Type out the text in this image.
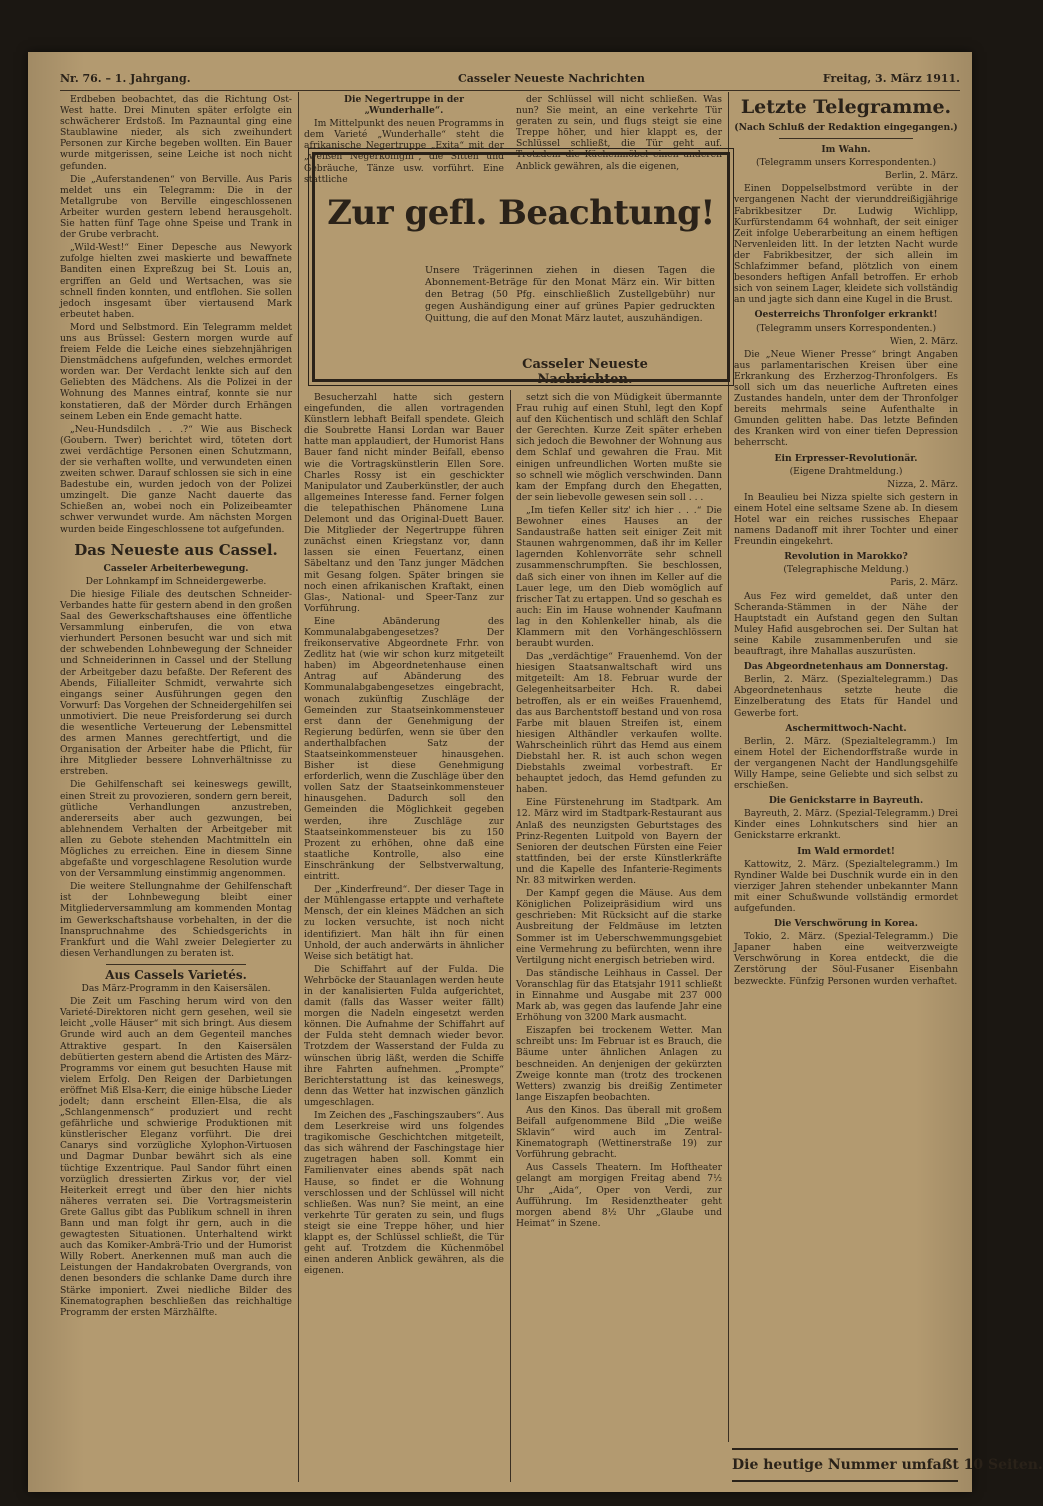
Nr. 76. – 1. Jahrgang.	Casseler Neueste Nachrichten	Freitag, 3. März 1911.

Erdbeben beobachtet, das die Richtung Ost-West hatte. Drei Minuten später erfolgte ein schwächerer Erdstoß. Im Paznauntal ging eine Staublawine nieder, als sich zweihundert Personen zur Kirche begeben wollten. Ein Bauer wurde mitgerissen, seine Leiche ist noch nicht gefunden.

Die „Auferstandenen“ von Berville. Aus Paris meldet uns ein Telegramm: Die in der Metallgrube von Berville eingeschlossenen Arbeiter wurden gestern lebend herausgeholt. Sie hatten fünf Tage ohne Speise und Trank in der Grube verbracht.

„Wild-West!“ Einer Depesche aus Newyork zufolge hielten zwei maskierte und bewaffnete Banditen einen Expreßzug bei St. Louis an, ergriffen an Geld und Wertsachen, was sie schnell finden konnten, und entflohen. Sie sollen jedoch insgesamt über viertausend Mark erbeutet haben.

Mord und Selbstmord. Ein Telegramm meldet uns aus Brüssel: Gestern morgen wurde auf freiem Felde die Leiche eines siebzehnjährigen Dienstmädchens aufgefunden, welches ermordet worden war. Der Verdacht lenkte sich auf den Geliebten des Mädchens. Als die Polizei in der Wohnung des Mannes eintraf, konnte sie nur konstatieren, daß der Mörder durch Erhängen seinem Leben ein Ende gemacht hatte.

„Neu-Hundsdilch . . .?“ Wie aus Bischeck (Goubern. Twer) berichtet wird, töteten dort zwei verdächtige Personen einen Schutzmann, der sie verhaften wollte, und verwundeten einen zweiten schwer. Darauf schlossen sie sich in eine Badestube ein, wurden jedoch von der Polizei umzingelt. Die ganze Nacht dauerte das Schießen an, wobei noch ein Polizeibeamter schwer verwundet wurde. Am nächsten Morgen wurden beide Eingeschlossene tot aufgefunden.

Das Neueste aus Cassel.
Casseler Arbeiterbewegung.
Der Lohnkampf im Schneidergewerbe.

Die hiesige Filiale des deutschen Schneider-Verbandes hatte für gestern abend in den großen Saal des Gewerkschaftshauses eine öffentliche Versammlung einberufen, die von etwa vierhundert Personen besucht war und sich mit der schwebenden Lohnbewegung der Schneider und Schneiderinnen in Cassel und der Stellung der Arbeitgeber dazu befaßte. Der Referent des Abends, Filialleiter Schmidt, verwahrte sich eingangs seiner Ausführungen gegen den Vorwurf: Das Vorgehen der Schneidergehilfen sei unmotiviert. Die neue Preisforderung sei durch die wesentliche Verteuerung der Lebensmittel des armen Mannes gerechtfertigt, und die Organisation der Arbeiter habe die Pflicht, für ihre Mitglieder bessere Lohnverhältnisse zu erstreben.

Die Gehilfenschaft sei keineswegs gewillt, einen Streit zu provozieren, sondern gern bereit, gütliche Verhandlungen anzustreben, andererseits aber auch gezwungen, bei ablehnendem Verhalten der Arbeitgeber mit allen zu Gebote stehenden Machtmitteln ein Mögliches zu erreichen. Eine in diesem Sinne abgefaßte und vorgeschlagene Resolution wurde von der Versammlung einstimmig angenommen.

Die weitere Stellungnahme der Gehilfenschaft ist der Lohnbewegung bleibt einer Mitgliederversammlung am kommenden Montag im Gewerkschaftshause vorbehalten, in der die Inanspruchnahme des Schiedsgerichts in Frankfurt und die Wahl zweier Delegierter zu diesen Verhandlungen zu beraten ist.

Aus Cassels Varietés.
Das März-Programm in den Kaisersälen.

Die Zeit um Fasching herum wird von den Varieté-Direktoren nicht gern gesehen, weil sie leicht „volle Häuser“ mit sich bringt. Aus diesem Grunde wird auch an dem Gegenteil manches Attraktive gespart. In den Kaisersälen debütierten gestern abend die Artisten des März-Programms vor einem gut besuchten Hause mit vielem Erfolg. Den Reigen der Darbietungen eröffnet Miß Elsa-Kerr, die einige hübsche Lieder jodelt; dann erscheint Ellen-Elsa, die als „Schlangenmensch“ produziert und recht gefährliche und schwierige Produktionen mit künstlerischer Eleganz vorführt. Die drei Canarys sind vorzügliche Xylophon-Virtuosen und Dagmar Dunbar bewährt sich als eine tüchtige Exzentrique. Paul Sandor führt einen vorzüglich dressierten Zirkus vor, der viel Heiterkeit erregt und über den hier nichts näheres verraten sei. Die Vortragsmeisterin Grete Gallus gibt das Publikum schnell in ihren Bann und man folgt ihr gern, auch in die gewagtesten Situationen. Unterhaltend wirkt auch das Komiker-Ambrä-Trio und der Humorist Willy Robert. Anerkennen muß man auch die Leistungen der Handakrobaten Overgrands, von denen besonders die schlanke Dame durch ihre Stärke imponiert. Zwei niedliche Bilder des Kinematographen beschließen das reichhaltige Programm der ersten Märzhälfte.

Die Negertruppe in der „Wunderhalle“.

Im Mittelpunkt des neuen Programms in dem Varieté „Wunderhalle“ steht die afrikanische Negertruppe „Exita“ mit der „weißen Negerkönigin“, die Sitten und Gebräuche, Tänze usw. vorführt. Eine stattliche

der Schlüssel will nicht schließen. Was nun? Sie meint, an eine verkehrte Tür geraten zu sein, und flugs steigt sie eine Treppe höher, und hier klappt es, der Schlüssel schließt, die Tür geht auf. Trotzdem die Küchenmöbel einen anderen Anblick gewähren, als die eigenen,

Zur gefl. Beachtung!
Unsere Trägerinnen ziehen in diesen Tagen die Abonnement-Beträge für den Monat März ein. Wir bitten den Betrag (50 Pfg. einschließlich Zustellgebühr) nur gegen Aushändigung einer auf grünes Papier gedruckten Quittung, die auf den Monat März lautet, auszuhändigen.
Casseler Neueste Nachrichten.

Besucherzahl hatte sich gestern eingefunden, die allen vortragenden Künstlern lebhaft Beifall spendete. Gleich die Soubrette Hansi Lordan war Bauer hatte man applaudiert, der Humorist Hans Bauer fand nicht minder Beifall, ebenso wie die Vortragskünstlerin Ellen Sore. Charles Rossy ist ein geschickter Manipulator und Zauberkünstler, der auch allgemeines Interesse fand. Ferner folgen die telepathischen Phänomene Luna Delemont und das Original-Duett Bauer. Die Mitglieder der Negertruppe führen zunächst einen Kriegstanz vor, dann lassen sie einen Feuertanz, einen Säbeltanz und den Tanz junger Mädchen mit Gesang folgen. Später bringen sie noch einen afrikanischen Kraftakt, einen Glas-, National- und Speer-Tanz zur Vorführung.

Eine Abänderung des Kommunalabgabengesetzes? Der freikonservative Abgeordnete Frhr. von Zedlitz hat (wie wir schon kurz mitgeteilt haben) im Abgeordnetenhause einen Antrag auf Abänderung des Kommunalabgabengesetzes eingebracht, wonach zukünftig Zuschläge der Gemeinden zur Staatseinkommensteuer erst dann der Genehmigung der Regierung bedürfen, wenn sie über den anderthalbfachen Satz der Staatseinkommensteuer hinausgehen. Bisher ist diese Genehmigung erforderlich, wenn die Zuschläge über den vollen Satz der Staatseinkommensteuer hinausgehen. Dadurch soll den Gemeinden die Möglichkeit gegeben werden, ihre Zuschläge zur Staatseinkommensteuer bis zu 150 Prozent zu erhöhen, ohne daß eine staatliche Kontrolle, also eine Einschränkung der Selbstverwaltung, eintritt.

Der „Kinderfreund“. Der dieser Tage in der Mühlengasse ertappte und verhaftete Mensch, der ein kleines Mädchen an sich zu locken versuchte, ist noch nicht identifiziert. Man hält ihn für einen Unhold, der auch anderwärts in ähnlicher Weise sich betätigt hat.

Die Schiffahrt auf der Fulda. Die Wehrböcke der Stauanlagen werden heute in der kanalisierten Fulda aufgerichtet, damit (falls das Wasser weiter fällt) morgen die Nadeln eingesetzt werden können. Die Aufnahme der Schiffahrt auf der Fulda steht demnach wieder bevor. Trotzdem der Wasserstand der Fulda zu wünschen übrig läßt, werden die Schiffe ihre Fahrten aufnehmen. „Prompte“ Berichterstattung ist das keineswegs, denn das Wetter hat inzwischen gänzlich umgeschlagen.

Im Zeichen des „Faschingszaubers“. Aus dem Leserkreise wird uns folgendes tragikomische Geschichtchen mitgeteilt, das sich während der Faschingstage hier zugetragen haben soll. Kommt ein Familienvater eines abends spät nach Hause, so findet er die Wohnung verschlossen und der Schlüssel will nicht schließen. Was nun? Sie meint, an eine verkehrte Tür geraten zu sein, und flugs steigt sie eine Treppe höher, und hier klappt es, der Schlüssel schließt, die Tür geht auf. Trotzdem die Küchenmöbel einen anderen Anblick gewähren, als die eigenen.

setzt sich die von Müdigkeit übermannte Frau ruhig auf einen Stuhl, legt den Kopf auf den Küchentisch und schläft den Schlaf der Gerechten. Kurze Zeit später erheben sich jedoch die Bewohner der Wohnung aus dem Schlaf und gewahren die Frau. Mit einigen unfreundlichen Worten mußte sie so schnell wie möglich verschwinden. Dann kam der Empfang durch den Ehegatten, der sein liebevolle gewesen sein soll . . .

„Im tiefen Keller sitz' ich hier . . .“ Die Bewohner eines Hauses an der Sandaustraße hatten seit einiger Zeit mit Staunen wahrgenommen, daß ihr im Keller lagernden Kohlenvorräte sehr schnell zusammenschrumpften. Sie beschlossen, daß sich einer von ihnen im Keller auf die Lauer lege, um den Dieb womöglich auf frischer Tat zu ertappen. Und so geschah es auch: Ein im Hause wohnender Kaufmann lag in den Kohlenkeller hinab, als die Klammern mit den Vorhängeschlössern beraubt wurden.

Das „verdächtige“ Frauenhemd. Von der hiesigen Staatsanwaltschaft wird uns mitgeteilt: Am 18. Februar wurde der Gelegenheitsarbeiter Hch. R. dabei betroffen, als er ein weißes Frauenhemd, das aus Barchentstoff bestand und von rosa Farbe mit blauen Streifen ist, einem hiesigen Althändler verkaufen wollte. Wahrscheinlich rührt das Hemd aus einem Diebstahl her. R. ist auch schon wegen Diebstahls zweimal vorbestraft. Er behauptet jedoch, das Hemd gefunden zu haben.

Eine Fürstenehrung im Stadtpark. Am 12. März wird im Stadtpark-Restaurant aus Anlaß des neunzigsten Geburtstages des Prinz-Regenten Luitpold von Bayern der Senioren der deutschen Fürsten eine Feier stattfinden, bei der erste Künstlerkräfte und die Kapelle des Infanterie-Regiments Nr. 83 mitwirken werden.

Der Kampf gegen die Mäuse. Aus dem Königlichen Polizeipräsidium wird uns geschrieben: Mit Rücksicht auf die starke Ausbreitung der Feldmäuse im letzten Sommer ist im Ueberschwemmungsgebiet eine Vermehrung zu befürchten, wenn ihre Vertilgung nicht energisch betrieben wird.

Das ständische Leihhaus in Cassel. Der Voranschlag für das Etatsjahr 1911 schließt in Einnahme und Ausgabe mit 237 000 Mark ab, was gegen das laufende Jahr eine Erhöhung von 3200 Mark ausmacht.

Eiszapfen bei trockenem Wetter. Man schreibt uns: Im Februar ist es Brauch, die Bäume unter ähnlichen Anlagen zu beschneiden. An denjenigen der gekürzten Zweige konnte man (trotz des trockenen Wetters) zwanzig bis dreißig Zentimeter lange Eiszapfen beobachten.

Aus den Kinos. Das überall mit großem Beifall aufgenommene Bild „Die weiße Sklavin“ wird auch im Zentral-Kinematograph (Wettinerstraße 19) zur Vorführung gebracht.

Aus Cassels Theatern. Im Hoftheater gelangt am morgigen Freitag abend 7½ Uhr „Aida“, Oper von Verdi, zur Aufführung. Im Residenztheater geht morgen abend 8½ Uhr „Glaube und Heimat“ in Szene.

Letzte Telegramme.
(Nach Schluß der Redaktion eingegangen.)
Im Wahn.
(Telegramm unsers Korrespondenten.)
Berlin, 2. März.

Einen Doppelselbstmord verübte in der vergangenen Nacht der vierunddreißigjährige Fabrikbesitzer Dr. Ludwig Wichlipp, Kurfürstendamm 64 wohnhaft, der seit einiger Zeit infolge Ueberarbeitung an einem heftigen Nervenleiden litt. In der letzten Nacht wurde der Fabrikbesitzer, der sich allein im Schlafzimmer befand, plötzlich von einem besonders heftigen Anfall betroffen. Er erhob sich von seinem Lager, kleidete sich vollständig an und jagte sich dann eine Kugel in die Brust.

Oesterreichs Thronfolger erkrankt!
(Telegramm unsers Korrespondenten.)
Wien, 2. März.

Die „Neue Wiener Presse“ bringt Angaben aus parlamentarischen Kreisen über eine Erkrankung des Erzherzog-Thronfolgers. Es soll sich um das neuerliche Auftreten eines Zustandes handeln, unter dem der Thronfolger bereits mehrmals seine Aufenthalte in Gmunden gelitten habe. Das letzte Befinden des Kranken wird von einer tiefen Depression beherrscht.

Ein Erpresser-Revolutionär.
(Eigene Drahtmeldung.)
Nizza, 2. März.

In Beaulieu bei Nizza spielte sich gestern in einem Hotel eine seltsame Szene ab. In diesem Hotel war ein reiches russisches Ehepaar namens Dadanoff mit ihrer Tochter und einer Freundin eingekehrt.

Revolution in Marokko?
(Telegraphische Meldung.)
Paris, 2. März.

Aus Fez wird gemeldet, daß unter den Scheranda-Stämmen in der Nähe der Hauptstadt ein Aufstand gegen den Sultan Muley Hafid ausgebrochen sei. Der Sultan hat seine Kabile zusammenberufen und sie beauftragt, ihre Mahallas auszurüsten.

Das Abgeordnetenhaus am Donnerstag.

Berlin, 2. März. (Spezialtelegramm.) Das Abgeordnetenhaus setzte heute die Einzelberatung des Etats für Handel und Gewerbe fort.

Aschermittwoch-Nacht.

Berlin, 2. März. (Spezialtelegramm.) Im einem Hotel der Eichendorffstraße wurde in der vergangenen Nacht der Handlungsgehilfe Willy Hampe, seine Geliebte und sich selbst zu erschießen.

Die Genickstarre in Bayreuth.

Bayreuth, 2. März. (Spezial-Telegramm.) Drei Kinder eines Lohnkutschers sind hier an Genickstarre erkrankt.

Im Wald ermordet!

Kattowitz, 2. März. (Spezialtelegramm.) Im Ryndiner Walde bei Duschnik wurde ein in den vierziger Jahren stehender unbekannter Mann mit einer Schußwunde vollständig ermordet aufgefunden.

Die Verschwörung in Korea.

Tokio, 2. März. (Spezial-Telegramm.) Die Japaner haben eine weitverzweigte Verschwörung in Korea entdeckt, die die Zerstörung der Söul-Fusaner Eisenbahn bezweckte. Fünfzig Personen wurden verhaftet.

Die heutige Nummer umfaßt 10 Seiten.
